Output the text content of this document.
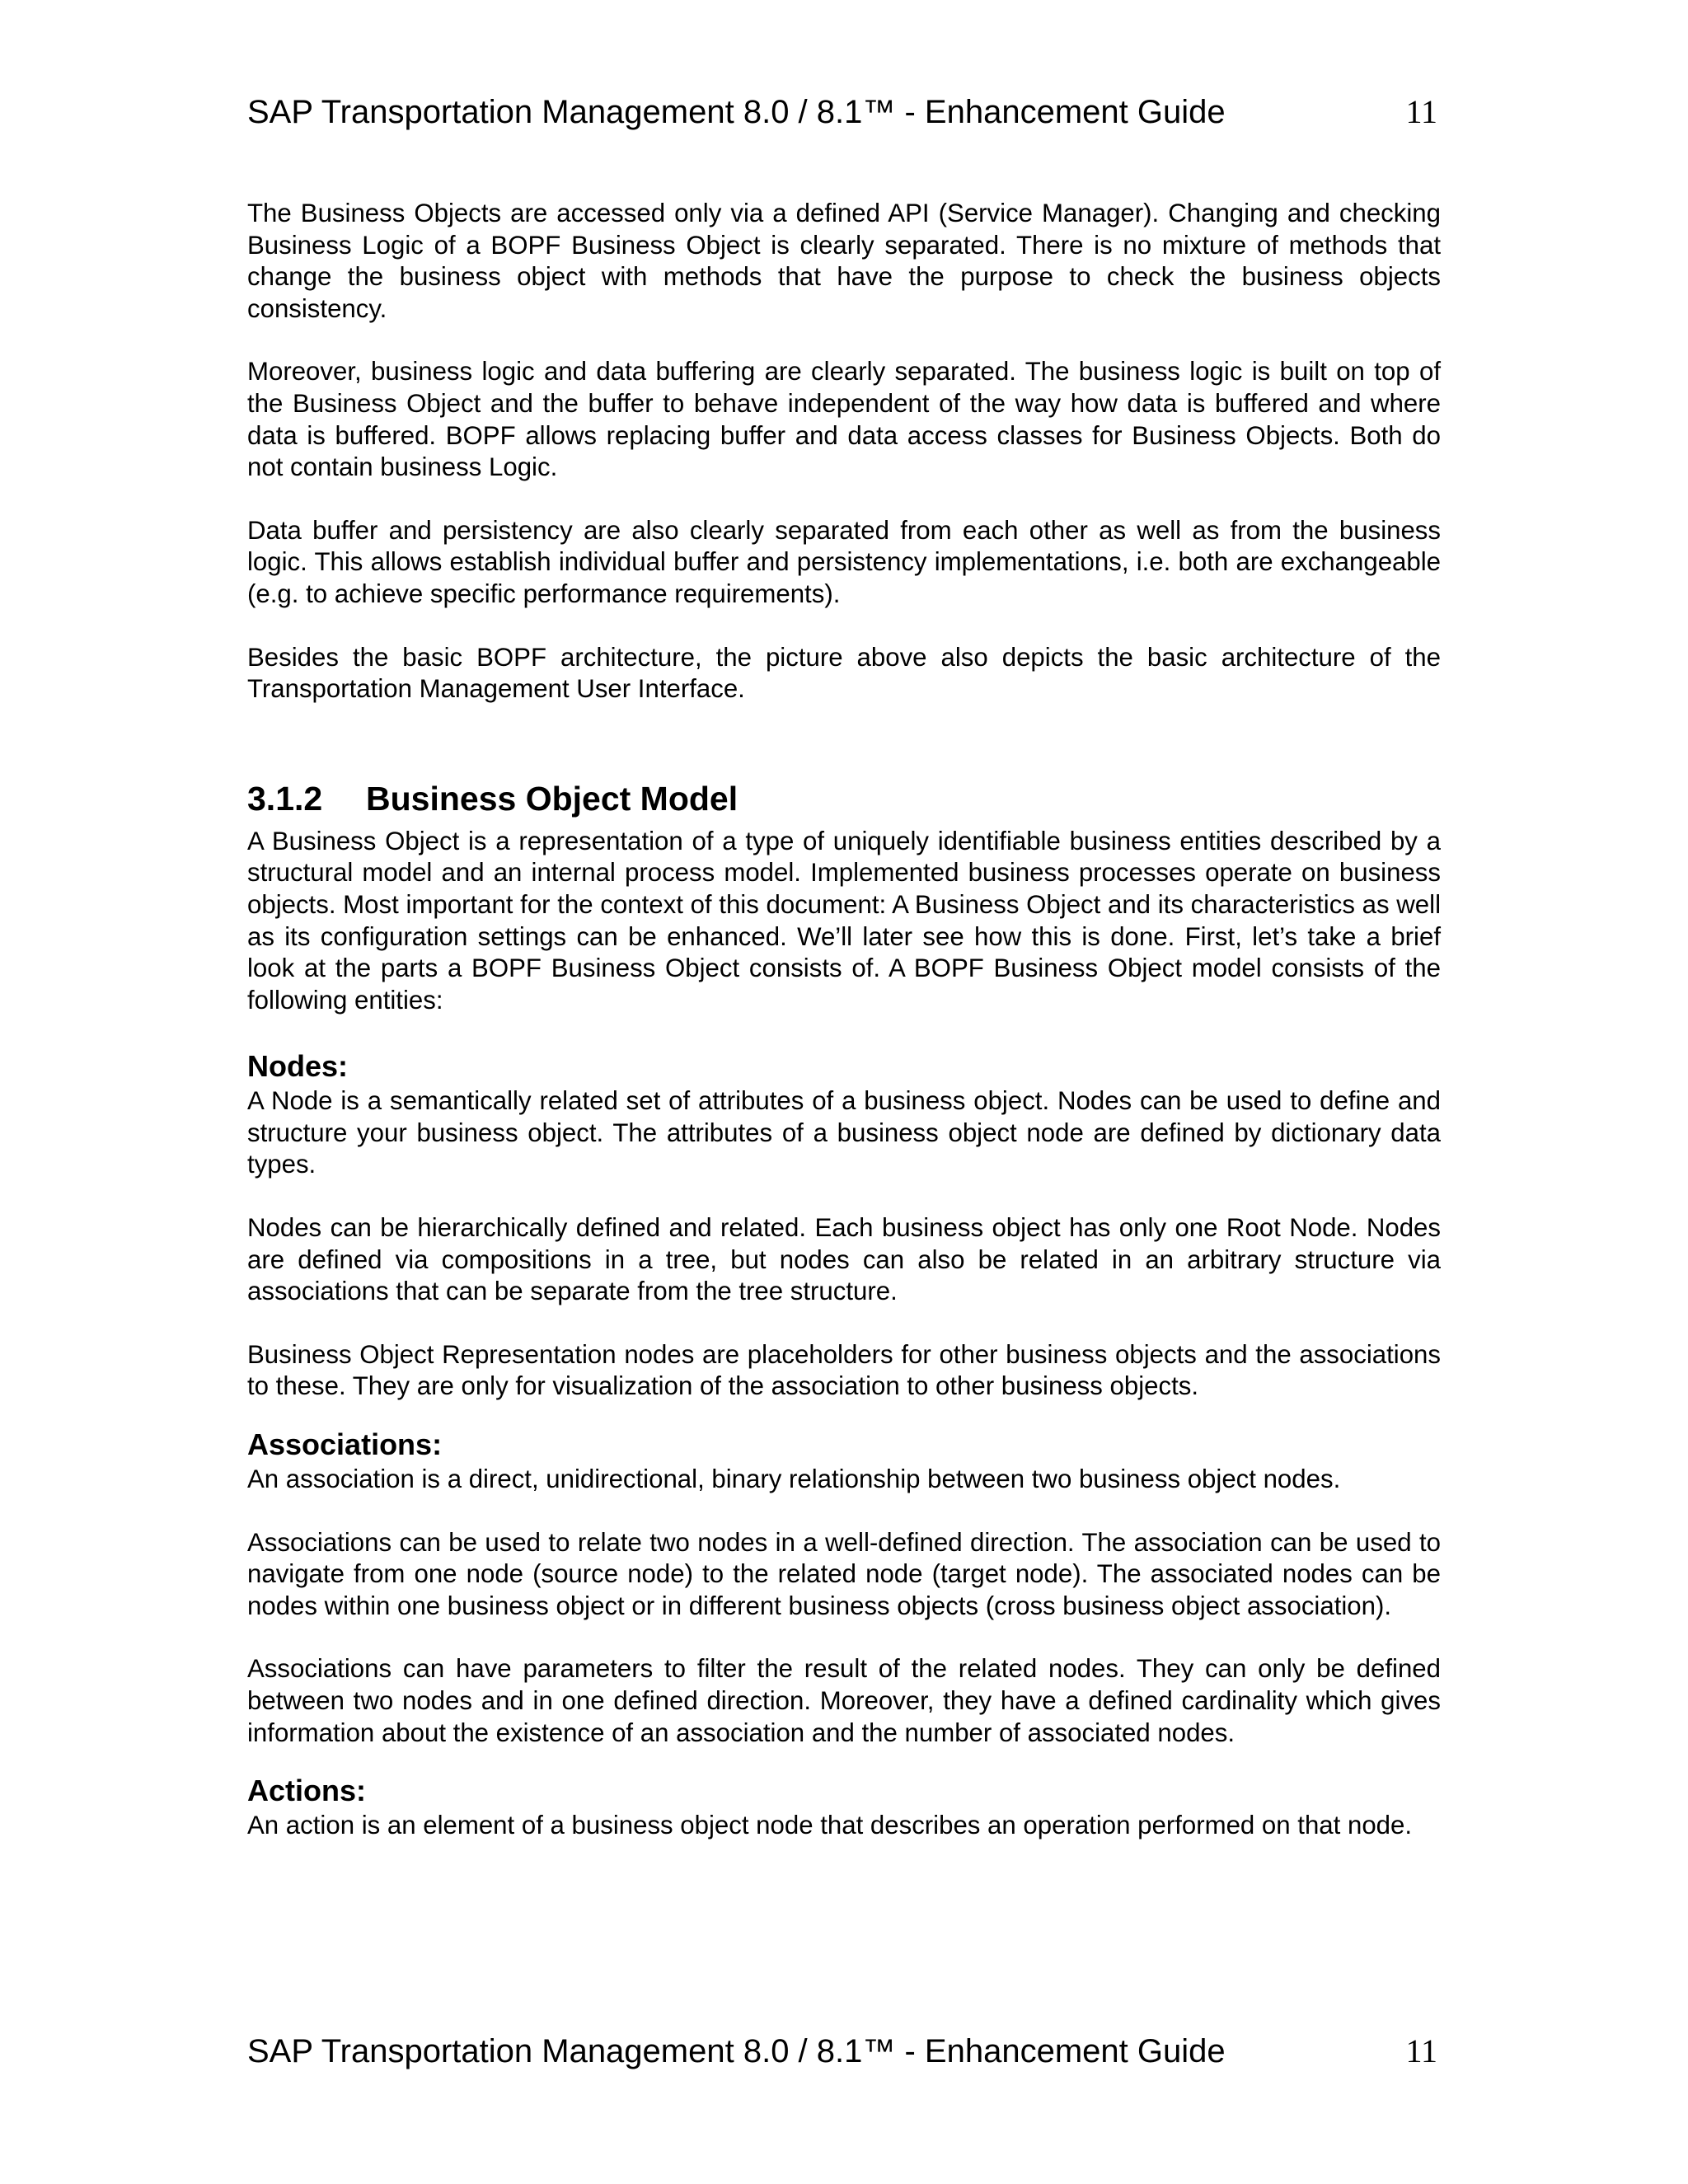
SAP Transportation Management 8.0 / 8.1™ - Enhancement Guide	11

The Business Objects are accessed only via a defined API (Service Manager). Changing and checking Business Logic of a BOPF Business Object is clearly separated. There is no mixture of methods that change the business object with methods that have the purpose to check the business objects consistency.

Moreover, business logic and data buffering are clearly separated. The business logic is built on top of the Business Object and the buffer to behave independent of the way how data is buffered and where data is buffered. BOPF allows replacing buffer and data access classes for Business Objects. Both do not contain business Logic.

Data buffer and persistency are also clearly separated from each other as well as from the business logic. This allows establish individual buffer and persistency implementations, i.e. both are exchangeable (e.g. to achieve specific performance requirements).

Besides the basic BOPF architecture, the picture above also depicts the basic architecture of the Transportation Management User Interface.

3.1.2 Business Object Model

A Business Object is a representation of a type of uniquely identifiable business entities described by a structural model and an internal process model. Implemented business processes operate on business objects. Most important for the context of this document: A Business Object and its characteristics as well as its configuration settings can be enhanced. We’ll later see how this is done. First, let’s take a brief look at the parts a BOPF Business Object consists of. A BOPF Business Object model consists of the following entities:

Nodes:

A Node is a semantically related set of attributes of a business object. Nodes can be used to define and structure your business object. The attributes of a business object node are defined by dictionary data types.

Nodes can be hierarchically defined and related. Each business object has only one Root Node. Nodes are defined via compositions in a tree, but nodes can also be related in an arbitrary structure via associations that can be separate from the tree structure.

Business Object Representation nodes are placeholders for other business objects and the associations to these. They are only for visualization of the association to other business objects.

Associations:

An association is a direct, unidirectional, binary relationship between two business object nodes.

Associations can be used to relate two nodes in a well-defined direction. The association can be used to navigate from one node (source node) to the related node (target node). The associated nodes can be nodes within one business object or in different business objects (cross business object association).

Associations can have parameters to filter the result of the related nodes. They can only be defined between two nodes and in one defined direction. Moreover, they have a defined cardinality which gives information about the existence of an association and the number of associated nodes.

Actions:

An action is an element of a business object node that describes an operation performed on that node.

SAP Transportation Management 8.0 / 8.1™ - Enhancement Guide	11
